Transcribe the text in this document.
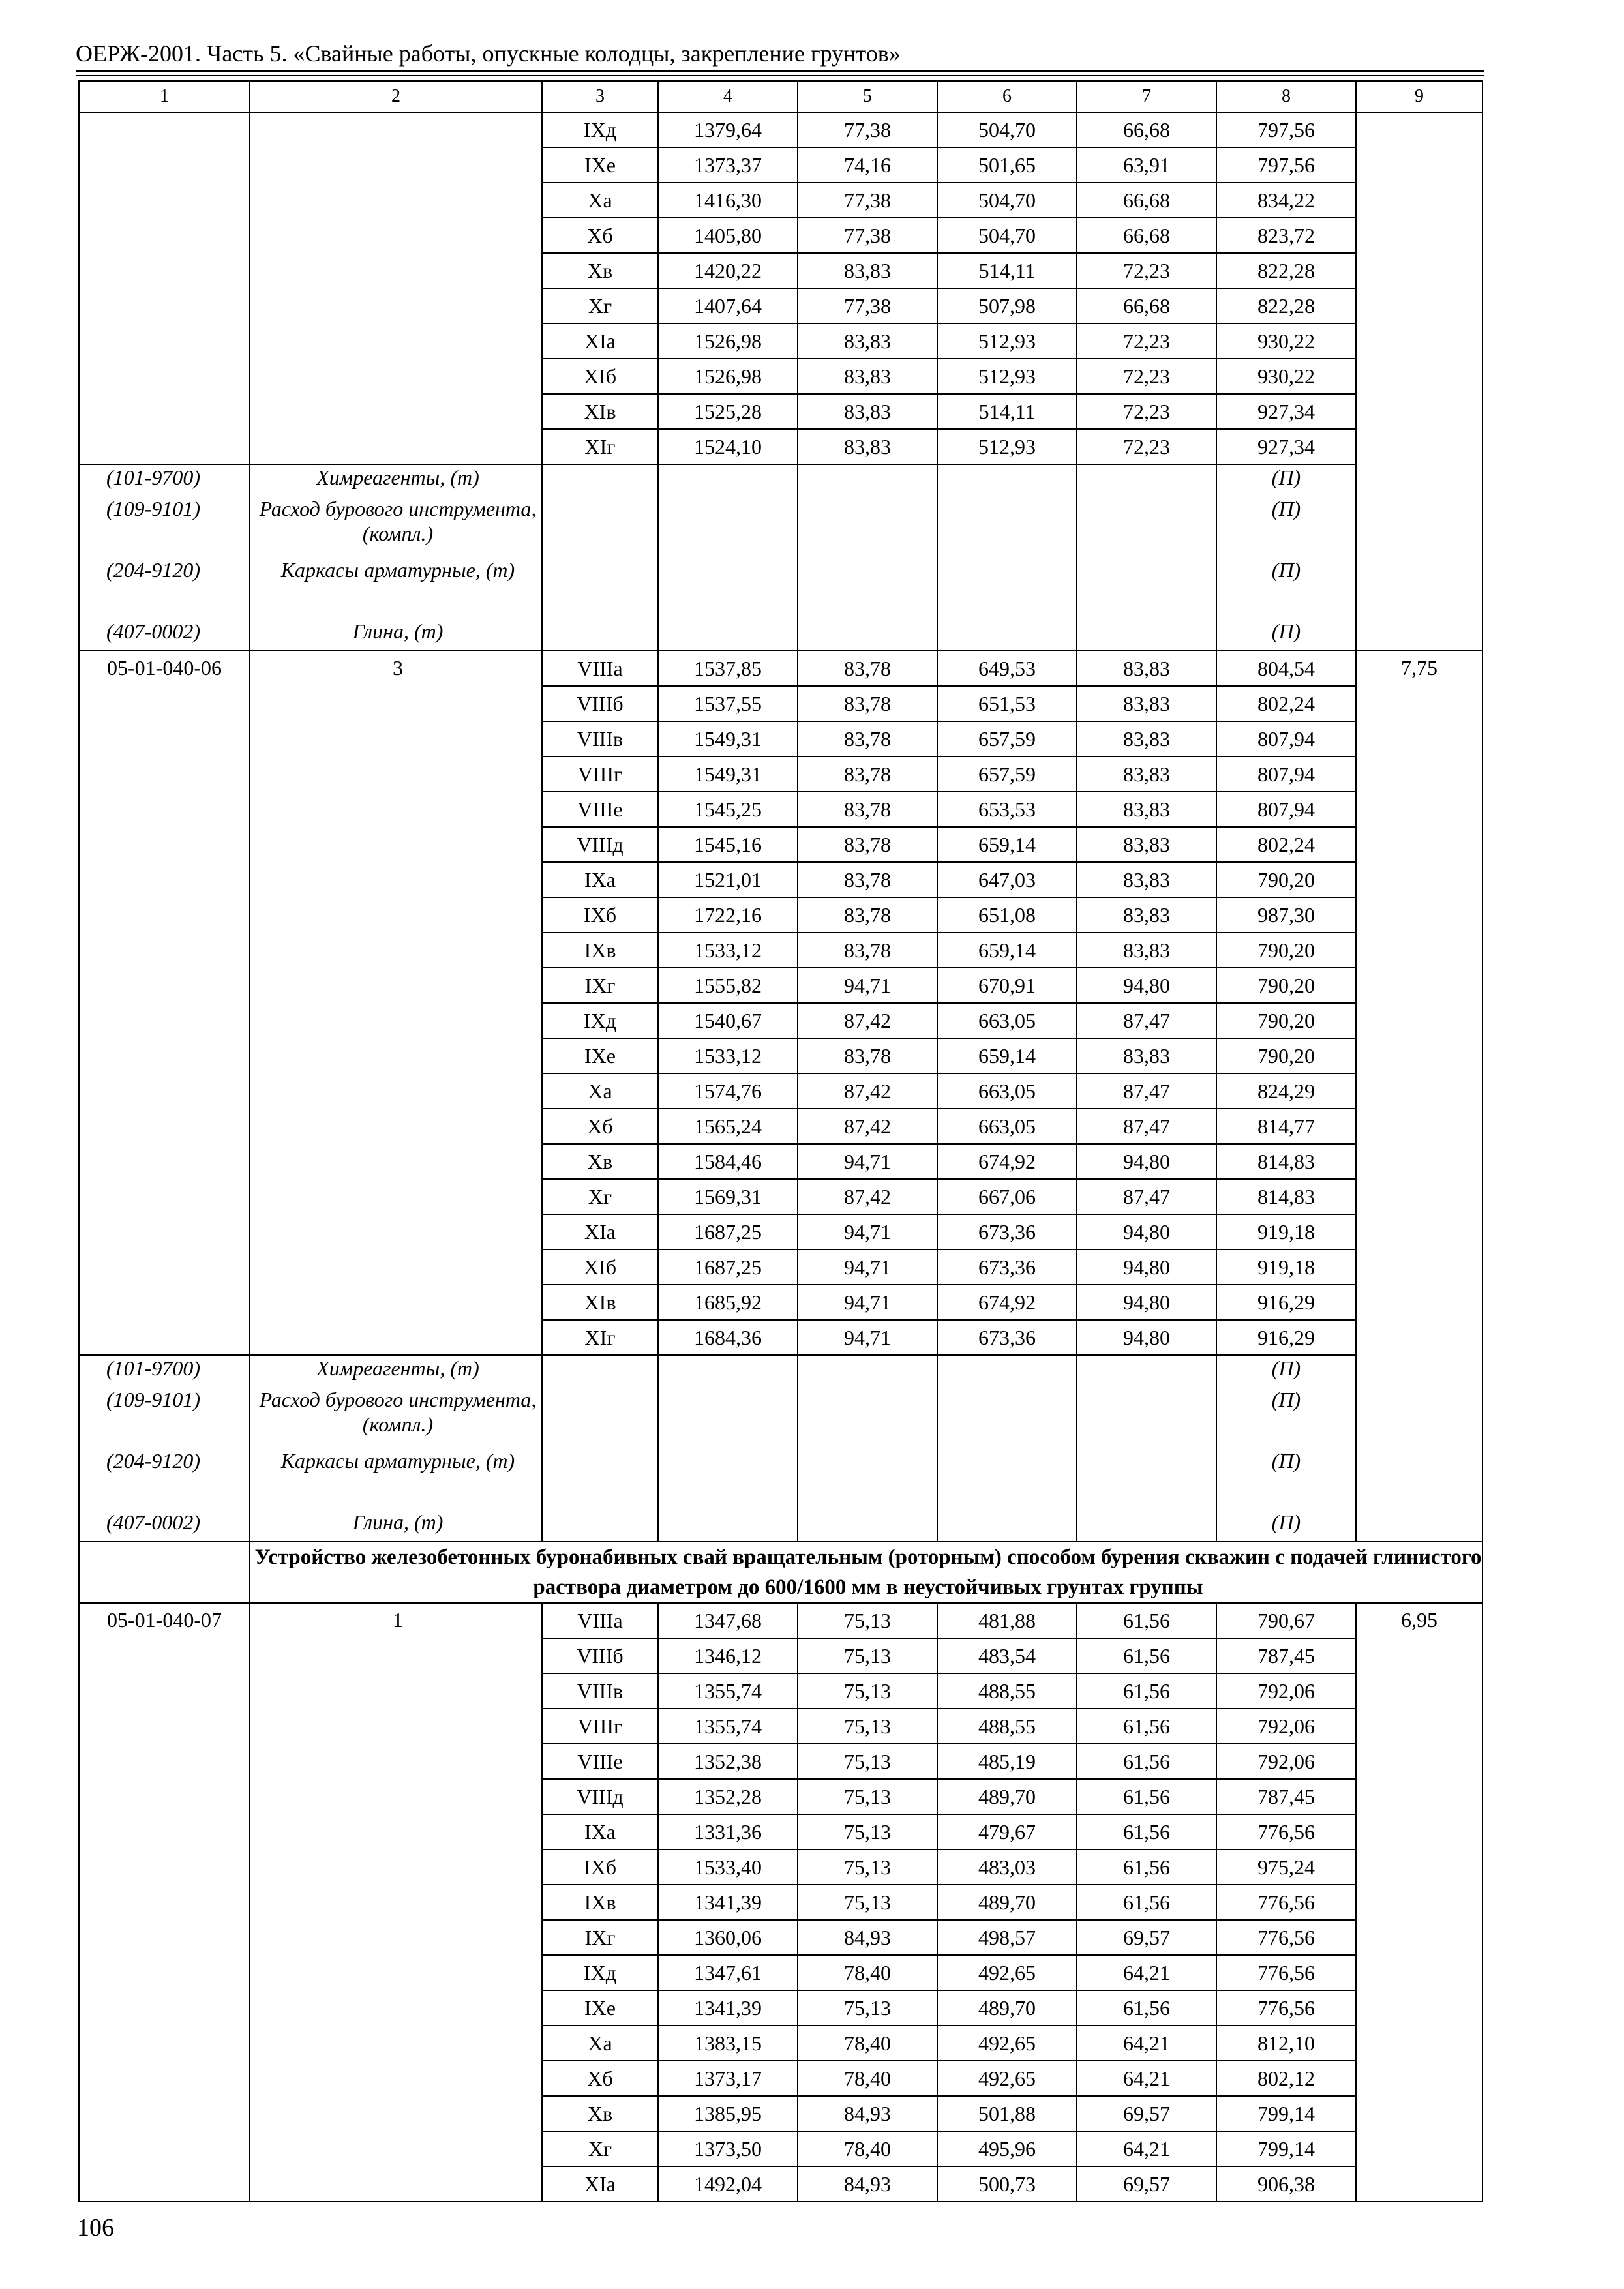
ОЕРЖ-2001. Часть 5. «Свайные работы, опускные колодцы, закрепление грунтов»
1	2	3	4	5	6	7	8	9
		IXд	1379,64	77,38	504,70	66,68	797,56	
		IXe	1373,37	74,16	501,65	63,91	797,56	
		Xa	1416,30	77,38	504,70	66,68	834,22	
		Xб	1405,80	77,38	504,70	66,68	823,72	
		Xв	1420,22	83,83	514,11	72,23	822,28	
		Xг	1407,64	77,38	507,98	66,68	822,28	
		XIa	1526,98	83,83	512,93	72,23	930,22	
		XIб	1526,98	83,83	512,93	72,23	930,22	
		XIв	1525,28	83,83	514,11	72,23	927,34	
		XIг	1524,10	83,83	512,93	72,23	927,34	
(101-9700)	Химреагенты, (т)						(П)	
(109-9101)	Расход бурового инструмента, (компл.)						(П)	
(204-9120)	Каркасы арматурные, (т)						(П)	
(407-0002)	Глина, (т)						(П)	
05-01-040-06	3	VIIIa	1537,85	83,78	649,53	83,83	804,54	7,75
		VIIIб	1537,55	83,78	651,53	83,83	802,24	
		VIIIв	1549,31	83,78	657,59	83,83	807,94	
		VIIIг	1549,31	83,78	657,59	83,83	807,94	
		VIIIe	1545,25	83,78	653,53	83,83	807,94	
		VIIIд	1545,16	83,78	659,14	83,83	802,24	
		IXa	1521,01	83,78	647,03	83,83	790,20	
		IXб	1722,16	83,78	651,08	83,83	987,30	
		IXв	1533,12	83,78	659,14	83,83	790,20	
		IXг	1555,82	94,71	670,91	94,80	790,20	
		IXд	1540,67	87,42	663,05	87,47	790,20	
		IXe	1533,12	83,78	659,14	83,83	790,20	
		Xa	1574,76	87,42	663,05	87,47	824,29	
		Xб	1565,24	87,42	663,05	87,47	814,77	
		Xв	1584,46	94,71	674,92	94,80	814,83	
		Xг	1569,31	87,42	667,06	87,47	814,83	
		XIa	1687,25	94,71	673,36	94,80	919,18	
		XIб	1687,25	94,71	673,36	94,80	919,18	
		XIв	1685,92	94,71	674,92	94,80	916,29	
		XIг	1684,36	94,71	673,36	94,80	916,29	
(101-9700)	Химреагенты, (т)						(П)	
(109-9101)	Расход бурового инструмента, (компл.)						(П)	
(204-9120)	Каркасы арматурные, (т)						(П)	
(407-0002)	Глина, (т)						(П)	
	Устройство железобетонных буронабивных свай вращательным (роторным) способом бурения скважин с подачей глинистого раствора диаметром до 600/1600 мм в неустойчивых грунтах группы							
05-01-040-07	1	VIIIa	1347,68	75,13	481,88	61,56	790,67	6,95
		VIIIб	1346,12	75,13	483,54	61,56	787,45	
		VIIIв	1355,74	75,13	488,55	61,56	792,06	
		VIIIг	1355,74	75,13	488,55	61,56	792,06	
		VIIIe	1352,38	75,13	485,19	61,56	792,06	
		VIIIд	1352,28	75,13	489,70	61,56	787,45	
		IXa	1331,36	75,13	479,67	61,56	776,56	
		IXб	1533,40	75,13	483,03	61,56	975,24	
		IXв	1341,39	75,13	489,70	61,56	776,56	
		IXг	1360,06	84,93	498,57	69,57	776,56	
		IXд	1347,61	78,40	492,65	64,21	776,56	
		IXe	1341,39	75,13	489,70	61,56	776,56	
		Xa	1383,15	78,40	492,65	64,21	812,10	
		Xб	1373,17	78,40	492,65	64,21	802,12	
		Xв	1385,95	84,93	501,88	69,57	799,14	
		Xг	1373,50	78,40	495,96	64,21	799,14	
		XIa	1492,04	84,93	500,73	69,57	906,38	
106
